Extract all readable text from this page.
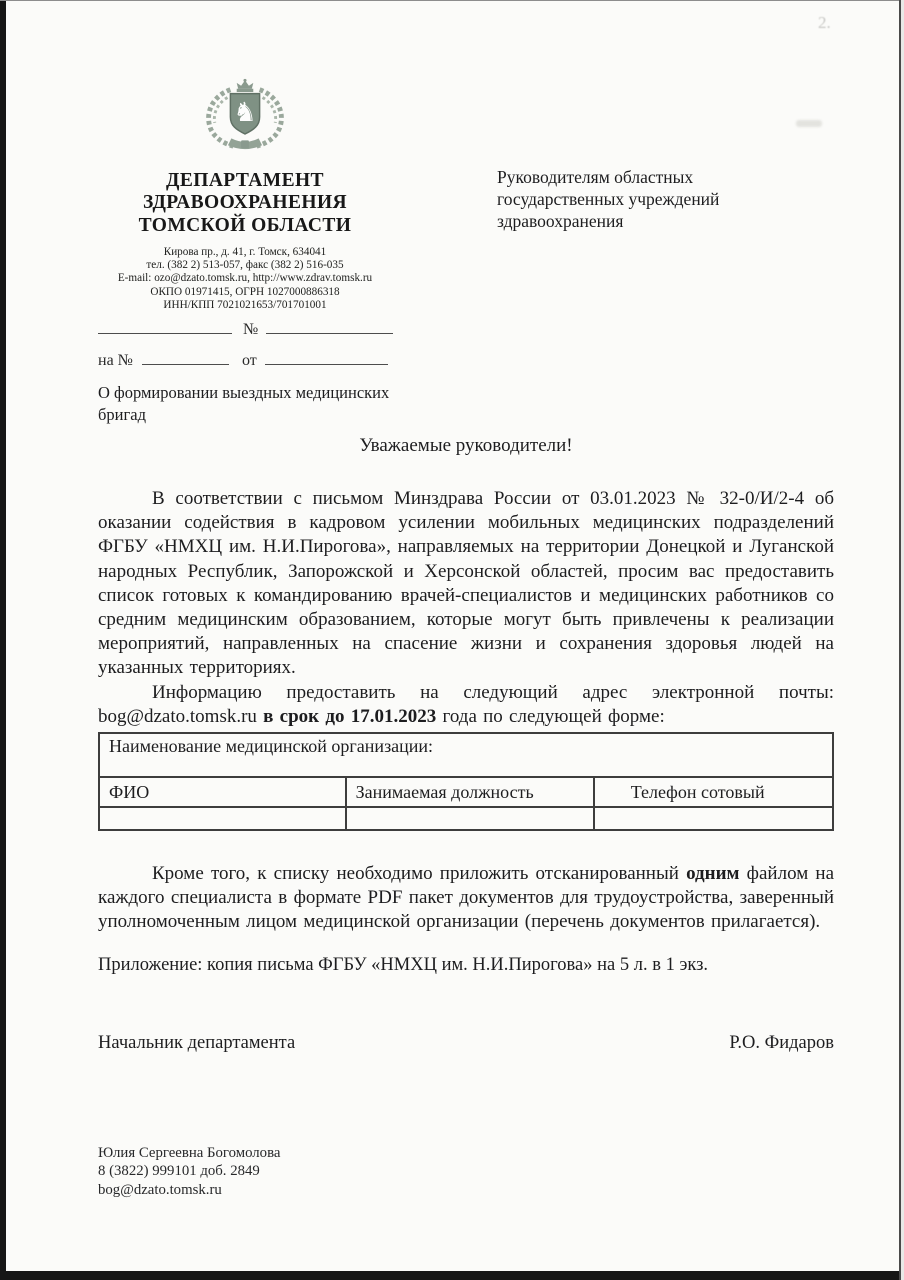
♞
ДЕПАРТАМЕНТ
ЗДРАВООХРАНЕНИЯ
ТОМСКОЙ ОБЛАСТИ
Кирова пр., д. 41, г. Томск, 634041
тел. (382 2) 513-057, факс (382 2) 516-035
E-mail: ozo@dzato.tomsk.ru, http://www.zdrav.tomsk.ru
ОКПО 01971415, ОГРН 1027000886318
ИНН/КПП 7021021653/701701001
Руководителям областных
государственных учреждений
здравоохранения
№
на №	от
О формировании выездных медицинских бригад
Уважаемые руководители!

В соответствии с письмом Минздрава России от 03.01.2023 № 32-0/И/2-4 об оказании содействия в кадровом усилении мобильных медицинских подразделений ФГБУ «НМХЦ им. Н.И.Пирогова», направляемых на территории Донецкой и Луганской народных Республик, Запорожской и Херсонской областей, просим вас предоставить список готовых к командированию врачей-специалистов и медицинских работников со средним медицинским образованием, которые могут быть привлечены к реализации мероприятий, направленных на спасение жизни и сохранения здоровья людей на указанных территориях.

Информацию предоставить на следующий адрес электронной почты: bog@dzato.tomsk.ru в срок до 17.01.2023 года по следующей форме:

Наименование медицинской организации:		
ФИО	Занимаемая должность	Телефон сотовый

Кроме того, к списку необходимо приложить отсканированный одним файлом на каждого специалиста в формате PDF пакет документов для трудоустройства, заверенный уполномоченным лицом медицинской организации (перечень документов прилагается).

Приложение: копия письма ФГБУ «НМХЦ им. Н.И.Пирогова» на 5 л. в 1 экз.

Начальник департамента	Р.О. Фидаров
Юлия Сергеевна Богомолова
8 (3822) 999101 доб. 2849
bog@dzato.tomsk.ru
2.
